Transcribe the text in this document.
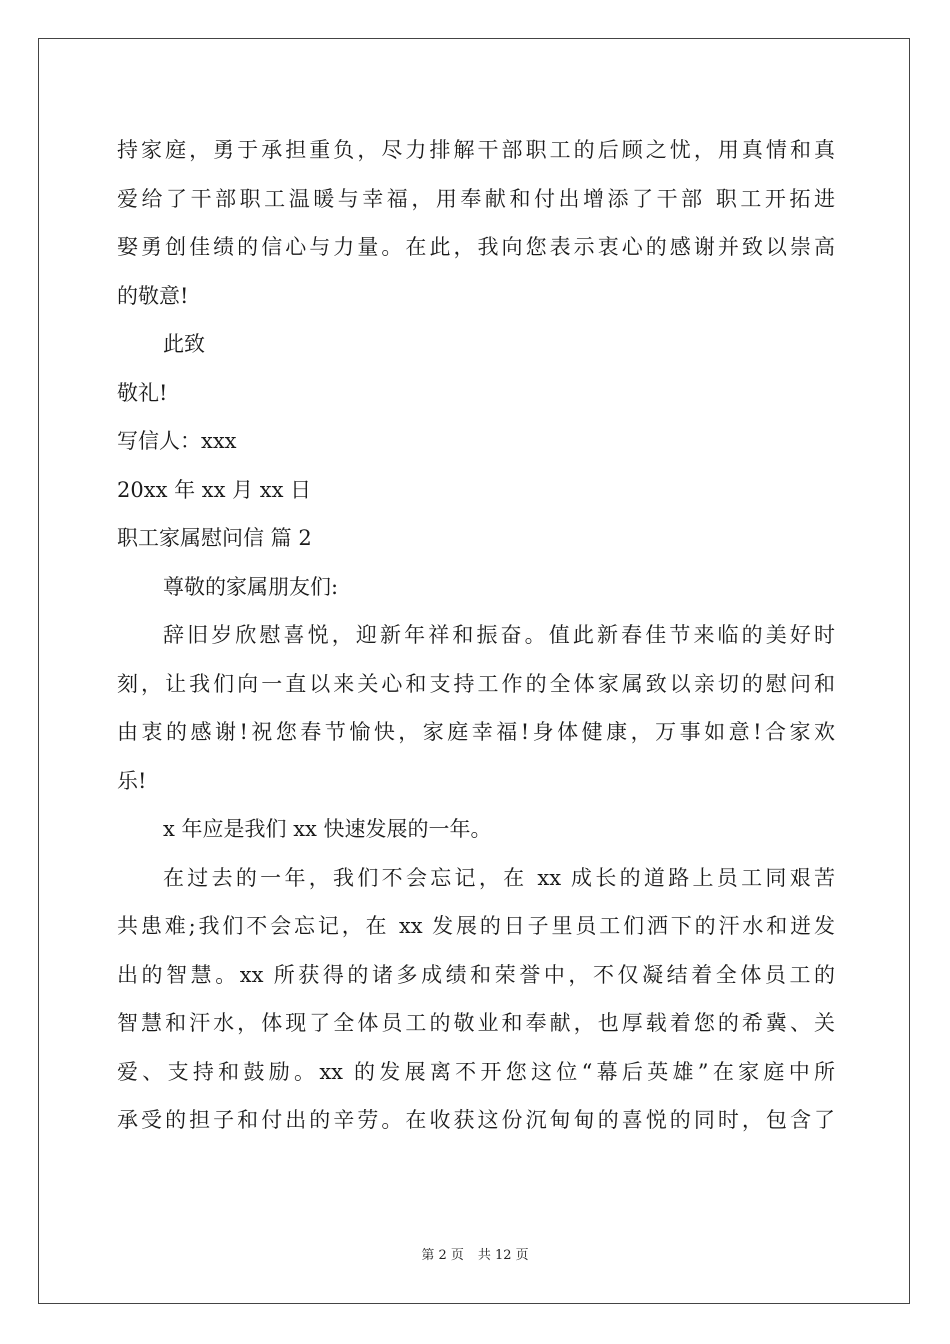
持家庭，勇于承担重负，尽力排解干部职工的后顾之忧，用真情和真
爱给了干部职工温暖与幸福，用奉献和付出增添了干部 职工开拓进
娶勇创佳绩的信心与力量。在此，我向您表示衷心的感谢并致以崇高
的敬意!
此致
敬礼!
写信人：xxx
20xx 年 xx 月 xx 日
职工家属慰问信 篇 2
尊敬的家属朋友们:
辞旧岁欣慰喜悦，迎新年祥和振奋。值此新春佳节来临的美好时
刻，让我们向一直以来关心和支持工作的全体家属致以亲切的慰问和
由衷的感谢!祝您春节愉快，家庭幸福!身体健康，万事如意!合家欢
乐!
x 年应是我们 xx 快速发展的一年。
在过去的一年，我们不会忘记，在 xx 成长的道路上员工同艰苦
共患难;我们不会忘记，在 xx 发展的日子里员工们洒下的汗水和迸发
出的智慧。xx 所获得的诸多成绩和荣誉中，不仅凝结着全体员工的
智慧和汗水，体现了全体员工的敬业和奉献，也厚载着您的希冀、关
爱、支持和鼓励。xx 的发展离不开您这位“幕后英雄”在家庭中所
承受的担子和付出的辛劳。在收获这份沉甸甸的喜悦的同时，包含了
第 2 页 共 12 页
